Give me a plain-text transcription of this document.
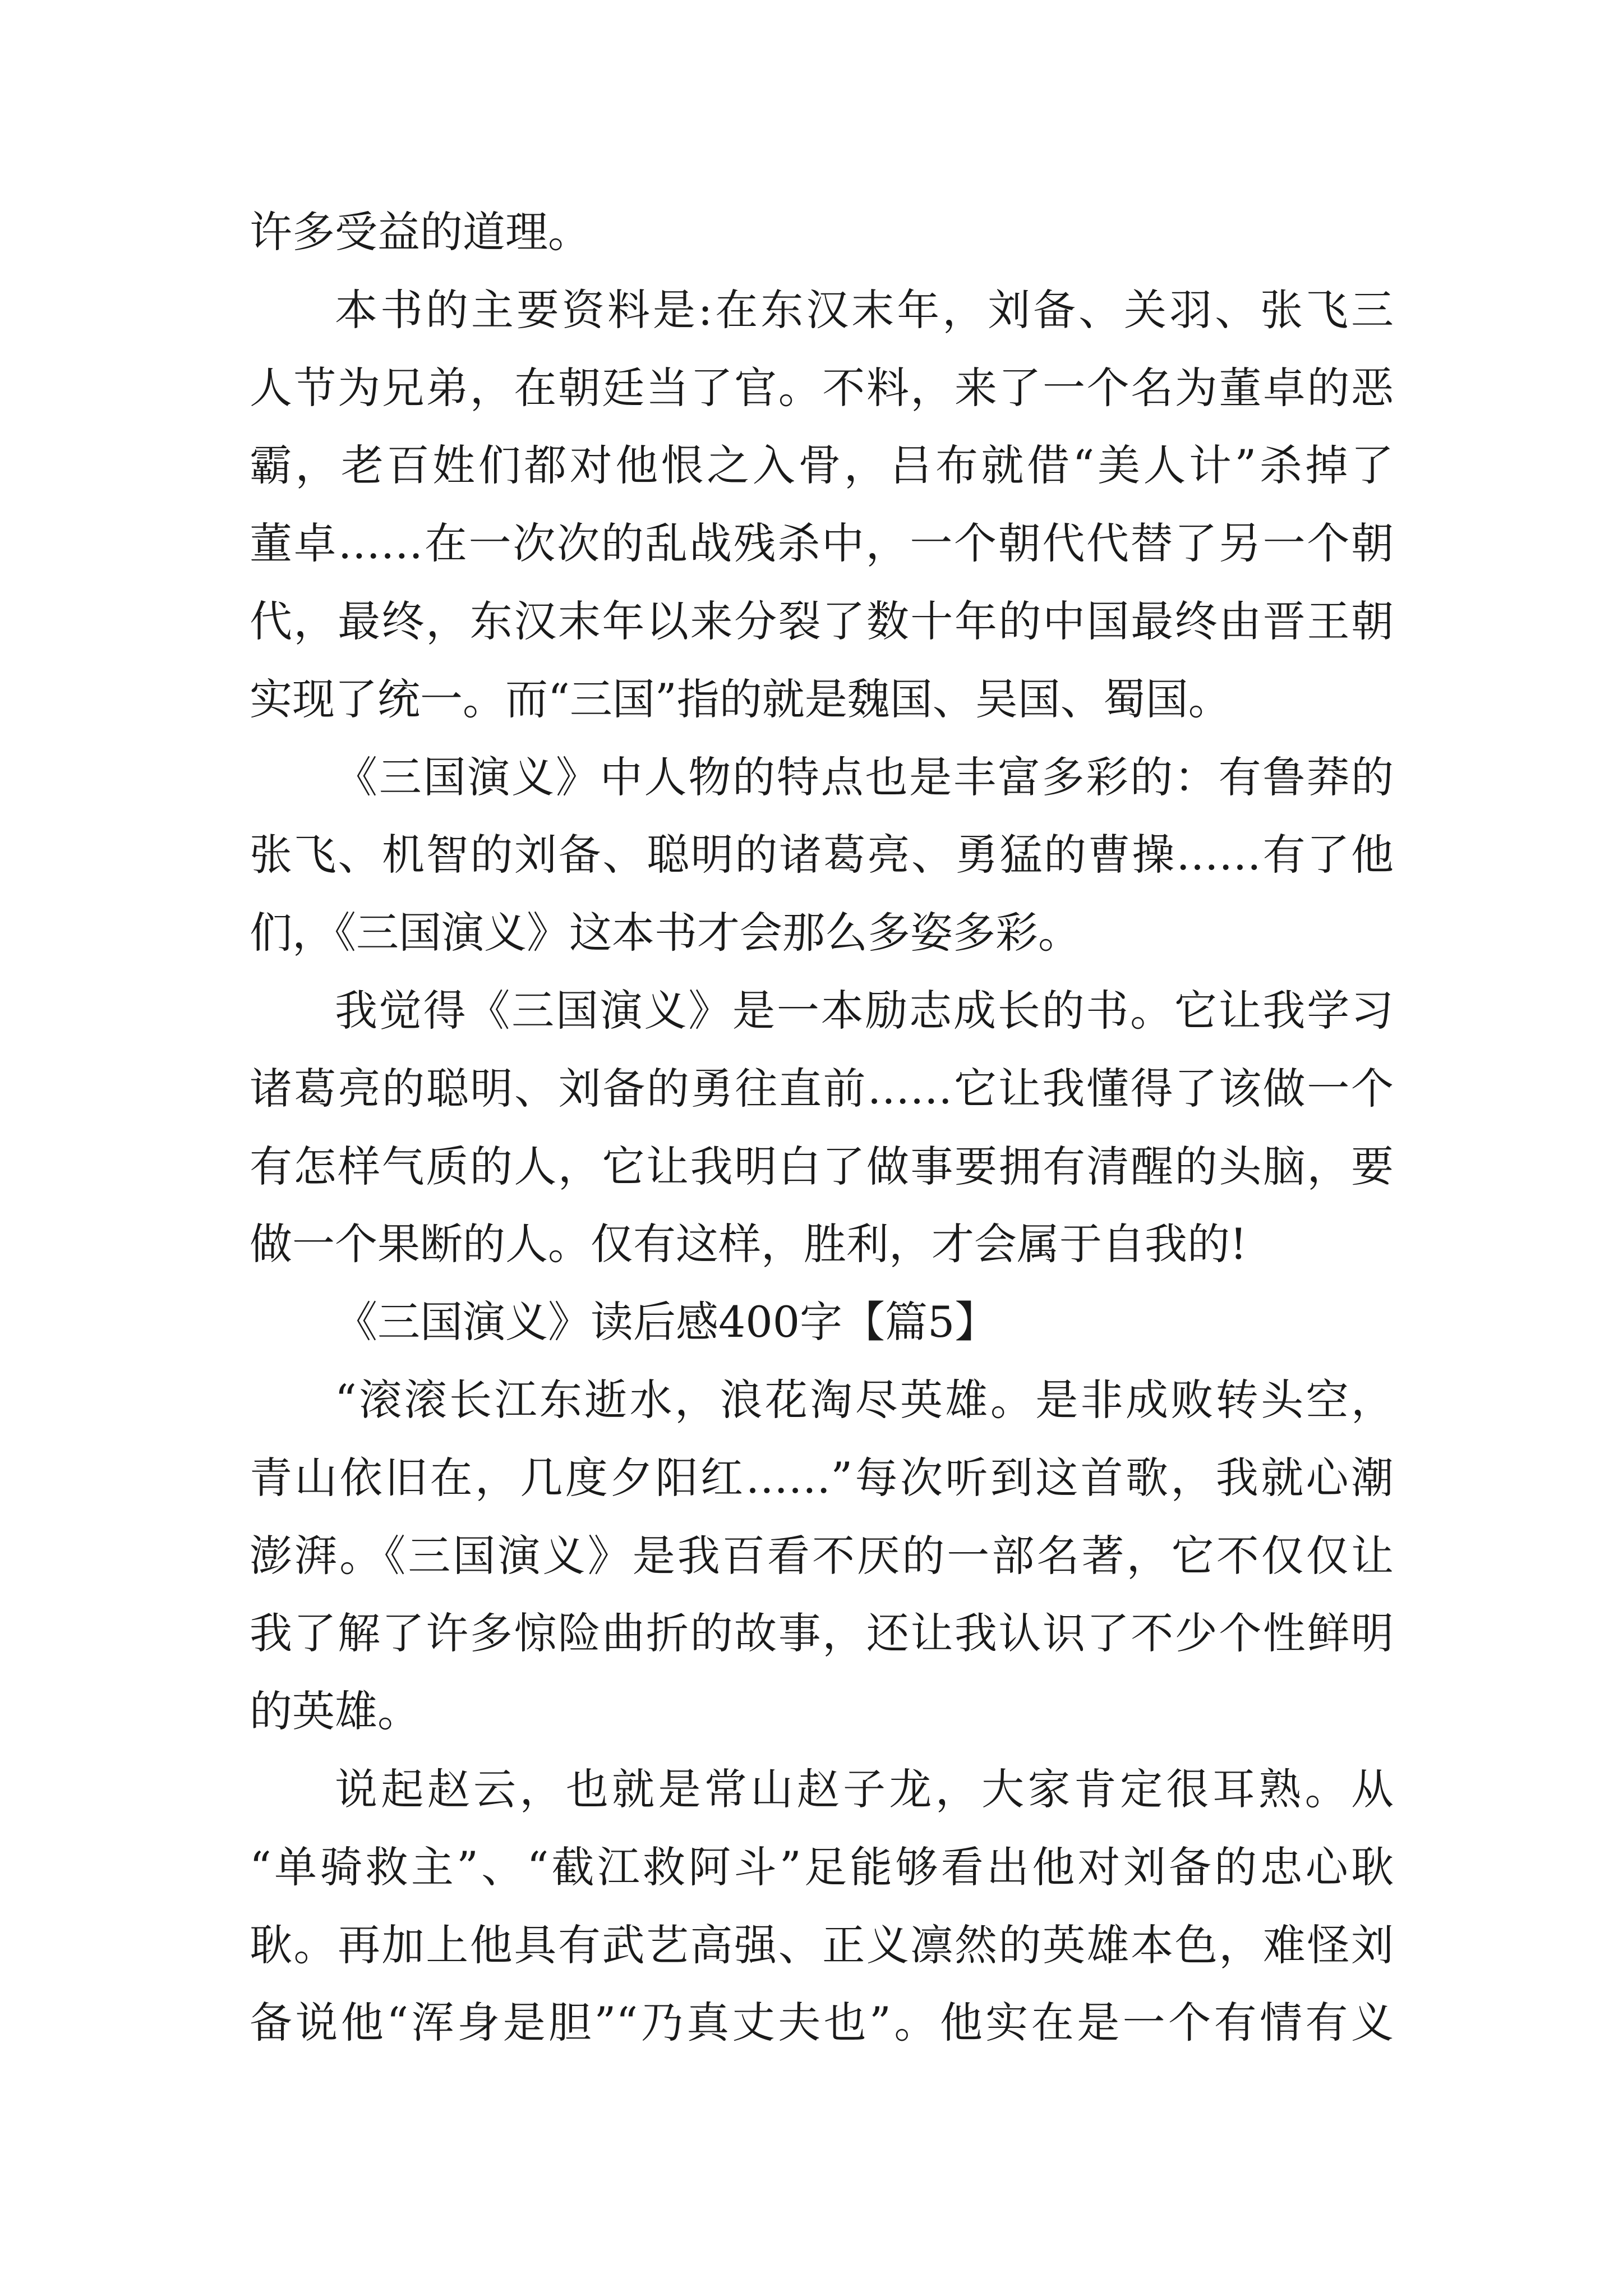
许多受益的道理。
本书的主要资料是:在东汉末年，刘备、关羽、张飞三
人节为兄弟，在朝廷当了官。不料，来了一个名为董卓的恶
霸，老百姓们都对他恨之入骨，吕布就借“美人计”杀掉了
董卓……在一次次的乱战残杀中，一个朝代代替了另一个朝
代，最终，东汉末年以来分裂了数十年的中国最终由晋王朝
实现了统一。而“三国”指的就是魏国、吴国、蜀国。
《三国演义》中人物的特点也是丰富多彩的：有鲁莽的
张飞、机智的刘备、聪明的诸葛亮、勇猛的曹操……有了他
们，《三国演义》这本书才会那么多姿多彩。
我觉得《三国演义》是一本励志成长的书。它让我学习
诸葛亮的聪明、刘备的勇往直前……它让我懂得了该做一个
有怎样气质的人，它让我明白了做事要拥有清醒的头脑，要
做一个果断的人。仅有这样，胜利，才会属于自我的!
《三国演义》读后感400字【篇5】
“滚滚长江东逝水，浪花淘尽英雄。是非成败转头空，
青山依旧在，几度夕阳红……”每次听到这首歌，我就心潮
澎湃。《三国演义》是我百看不厌的一部名著，它不仅仅让
我了解了许多惊险曲折的故事，还让我认识了不少个性鲜明
的英雄。
说起赵云，也就是常山赵子龙，大家肯定很耳熟。从
“单骑救主”、“截江救阿斗”足能够看出他对刘备的忠心耿
耿。再加上他具有武艺高强、正义凛然的英雄本色，难怪刘
备说他“浑身是胆”“乃真丈夫也”。他实在是一个有情有义
